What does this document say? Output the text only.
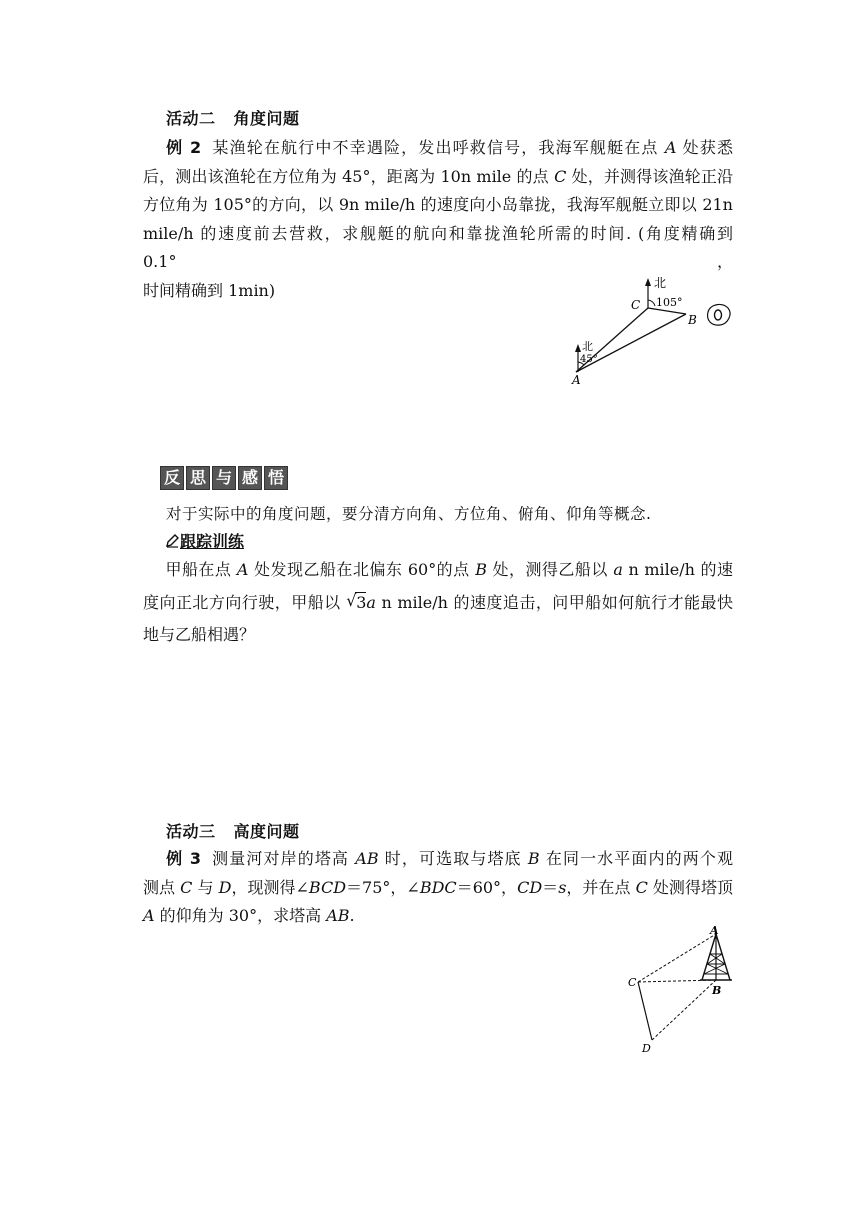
活动二 角度问题
例 2 某渔轮在航行中不幸遇险，发出呼救信号，我海军舰艇在点 A 处获悉
后，测出该渔轮在方位角为 45°，距离为 10n mile 的点 C 处，并测得该渔轮正沿
方位角为 105°的方向，以 9n mile/h 的速度向小岛靠拢，我海军舰艇立即以 21n
mile/h 的速度前去营救，求舰艇的航向和靠拢渔轮所需的时间. (角度精确到 0.1°，
时间精确到 1min)	北
105°
C
B
北
45°
A
反 思 与 感 悟
对于实际中的角度问题，要分清方向角、方位角、俯角、仰角等概念.
跟踪训练
甲船在点 A 处发现乙船在北偏东 60°的点 B 处，测得乙船以 a n mile/h 的速
度向正北方向行驶，甲船以 √ 3a n mile/h 的速度追击，问甲船如何航行才能最快
地与乙船相遇？
活动三 高度问题
例 3 测量河对岸的塔高 AB 时，可选取与塔底 B 在同一水平面内的两个观
测点 C 与 D，现测得∠BCD＝75°，∠BDC＝60°，CD＝s，并在点 C 处测得塔顶
A 的仰角为 30°，求塔高 AB.
A
B
C
D
